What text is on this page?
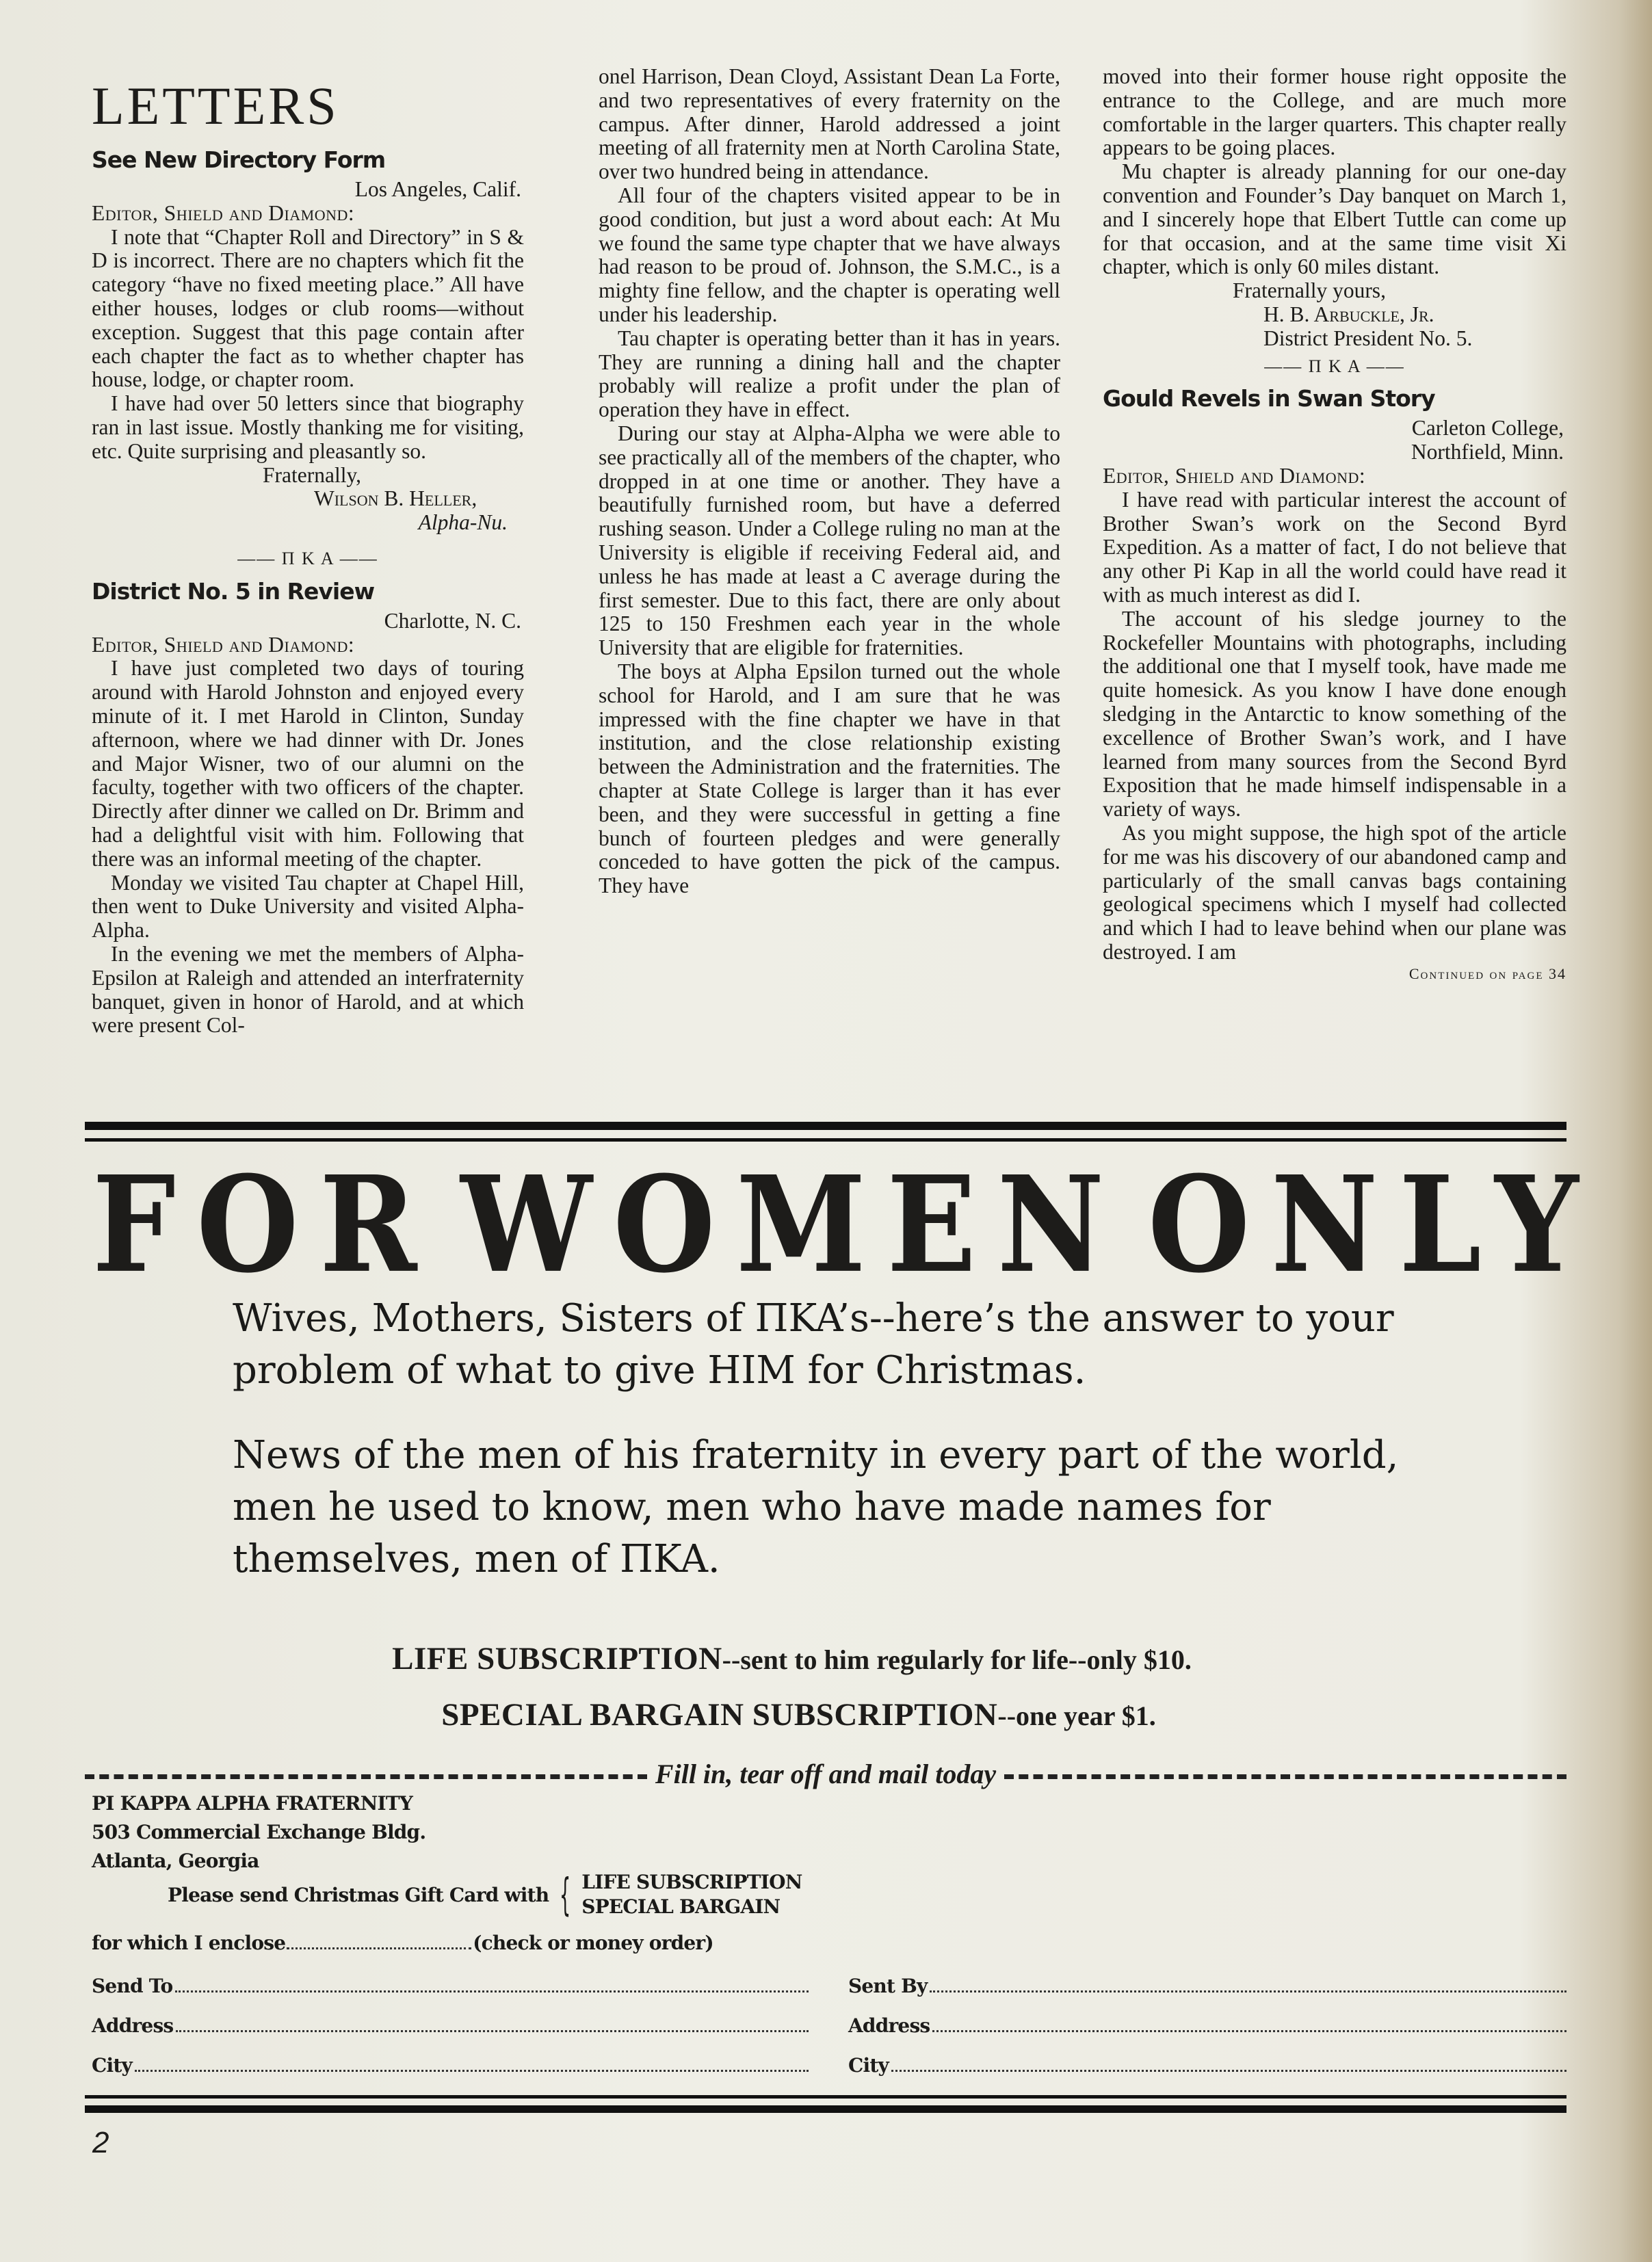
LETTERS
See New Directory Form
Los Angeles, Calif.

Editor, Shield and Diamond:

I note that “Chapter Roll and Directory” in S & D is incorrect. There are no chapters which fit the category “have no fixed meeting place.” All have either houses, lodges or club rooms—without exception. Suggest that this page contain after each chapter the fact as to whether chapter has house, lodge, or chapter room.

I have had over 50 letters since that biography ran in last issue. Mostly thanking me for visiting, etc. Quite surprising and pleasantly so.

Fraternally,
Wilson B. Heller,
Alpha-Nu.
—— Π K A ——
District No. 5 in Review
Charlotte, N. C.

Editor, Shield and Diamond:

I have just completed two days of touring around with Harold Johnston and enjoyed every minute of it. I met Harold in Clinton, Sunday afternoon, where we had dinner with Dr. Jones and Major Wisner, two of our alumni on the faculty, together with two officers of the chapter. Directly after dinner we called on Dr. Brimm and had a delightful visit with him. Following that there was an informal meeting of the chapter.

Monday we visited Tau chapter at Chapel Hill, then went to Duke University and visited Alpha-Alpha.

In the evening we met the members of Alpha-Epsilon at Raleigh and attended an interfraternity banquet, given in honor of Harold, and at which were present Col-

onel Harrison, Dean Cloyd, Assistant Dean La Forte, and two representatives of every fraternity on the campus. After dinner, Harold addressed a joint meeting of all fraternity men at North Carolina State, over two hundred being in attendance.

All four of the chapters visited appear to be in good condition, but just a word about each: At Mu we found the same type chapter that we have always had reason to be proud of. Johnson, the S.M.C., is a mighty fine fellow, and the chapter is operating well under his leadership.

Tau chapter is operating better than it has in years. They are running a dining hall and the chapter probably will realize a profit under the plan of operation they have in effect.

During our stay at Alpha-Alpha we were able to see practically all of the members of the chapter, who dropped in at one time or another. They have a beautifully furnished room, but have a deferred rushing season. Under a College ruling no man at the University is eligible if receiving Federal aid, and unless he has made at least a C average during the first semester. Due to this fact, there are only about 125 to 150 Freshmen each year in the whole University that are eligible for fraternities.

The boys at Alpha Epsilon turned out the whole school for Harold, and I am sure that he was impressed with the fine chapter we have in that institution, and the close relationship existing between the Administration and the fraternities. The chapter at State College is larger than it has ever been, and they were successful in getting a fine bunch of fourteen pledges and were generally conceded to have gotten the pick of the campus. They have

moved into their former house right opposite the entrance to the College, and are much more comfortable in the larger quarters. This chapter really appears to be going places.

Mu chapter is already planning for our one-day convention and Founder’s Day banquet on March 1, and I sincerely hope that Elbert Tuttle can come up for that occasion, and at the same time visit Xi chapter, which is only 60 miles distant.

Fraternally yours,
H. B. Arbuckle, Jr.
District President No. 5.
—— Π K A ——
Gould Revels in Swan Story
Carleton College,
Northfield, Minn.

Editor, Shield and Diamond:

I have read with particular interest the account of Brother Swan’s work on the Second Byrd Expedition. As a matter of fact, I do not believe that any other Pi Kap in all the world could have read it with as much interest as did I.

The account of his sledge journey to the Rockefeller Mountains with photographs, including the additional one that I myself took, have made me quite homesick. As you know I have done enough sledging in the Antarctic to know something of the excellence of Brother Swan’s work, and I have learned from many sources from the Second Byrd Exposition that he made himself indispensable in a variety of ways.

As you might suppose, the high spot of the article for me was his discovery of our abandoned camp and particularly of the small canvas bags containing geological specimens which I myself had collected and which I had to leave behind when our plane was destroyed. I am

Continued on page 34
FOR WOMEN ONLY
Wives, Mothers, Sisters of ΠKA’s--here’s the answer to your problem of what to give HIM for Christmas.
News of the men of his fraternity in every part of the world, men he used to know, men who have made names for themselves, men of ΠKA.
LIFE SUBSCRIPTION--sent to him regularly for life--only $10.
SPECIAL BARGAIN SUBSCRIPTION--one year $1.
Fill in, tear off and mail today
PI KAPPA ALPHA FRATERNITY
503 Commercial Exchange Bldg.
Atlanta, Georgia
Please send Christmas Gift Card with { LIFE SUBSCRIPTION
SPECIAL BARGAIN
for which I enclose	(check or money order)
Send To
Address
City
Sent By
Address
City
2
